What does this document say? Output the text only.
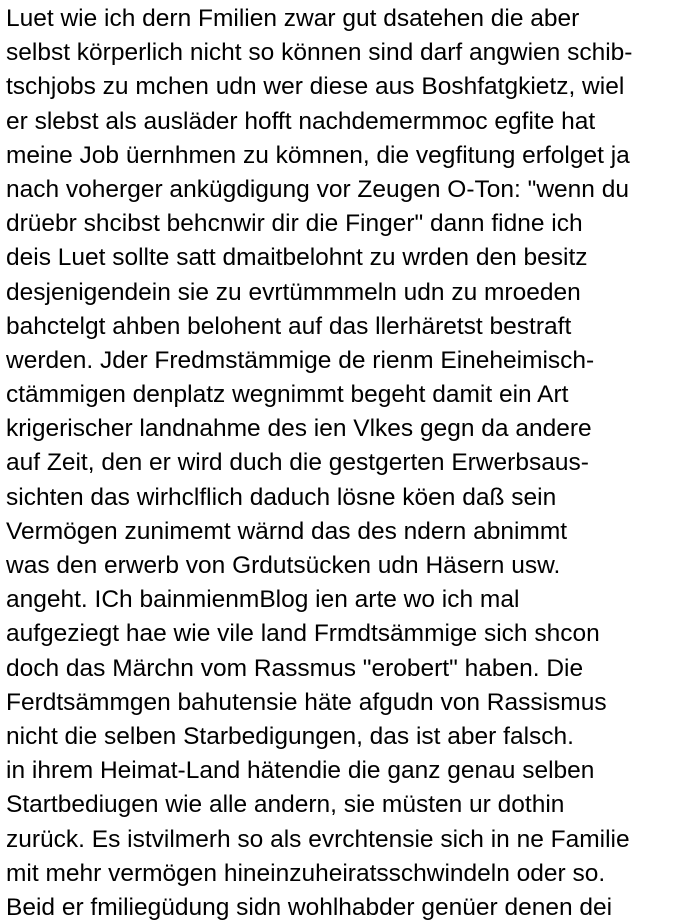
Luet wie ich dern Fmilien zwar gut dsatehen die aber
selbst körperlich nicht so können sind darf angwien schib-
tschjobs zu mchen udn wer diese aus Boshfatgkietz, wiel
er slebst als ausläder hofft nachdemermmoc egfite hat
meine Job üernhmen zu kömnen, die vegfitung erfolget ja
nach voherger ankügdigung vor Zeugen O-Ton: "wenn du
drüebr shcibst behcnwir dir die Finger" dann fidne ich
deis Luet sollte satt dmaitbelohnt zu wrden den besitz
desjenigendein sie zu evrtümmmeln udn zu mroeden
bahctelgt ahben belohent auf das llerhäretst bestraft
werden. Jder Fredmstämmige de rienm Eineheimisch-
ctämmigen denplatz wegnimmt begeht damit ein Art
krigerischer landnahme des ien Vlkes gegn da andere
auf Zeit, den er wird duch die gestgerten Erwerbsaus-
sichten das wirhclflich daduch lösne köen daß sein
Vermögen zunimemt wärnd das des ndern abnimmt
was den erwerb von Grdutsücken udn Häsern usw.
angeht. ICh bainmienmBlog ien arte wo ich mal
aufgeziegt hae wie vile land Frmdtsämmige sich shcon
doch das Märchn vom Rassmus "erobert" haben. Die
Ferdtsämmgen bahutensie häte afgudn von Rassismus
nicht die selben Starbedigungen, das ist aber falsch.
in ihrem Heimat-Land hätendie die ganz genau selben
Startbediugen wie alle andern, sie müsten ur dothin
zurück. Es istvilmerh so als evrchtensie sich in ne Familie
mit mehr vermögen hineinzuheiratsschwindeln oder so.
Beid er fmiliegüdung sidn wohlhabder genüer denen dei
